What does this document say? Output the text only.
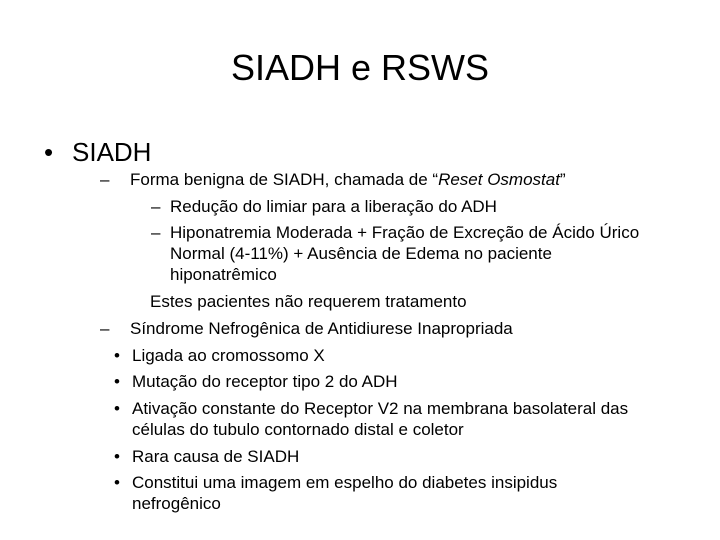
SIADH e RSWS
• SIADH
– Forma benigna de SIADH, chamada de “Reset Osmostat”
– Redução do limiar para a liberação do ADH
– Hiponatremia Moderada + Fração de Excreção de Ácido Úrico
Normal (4-11%) + Ausência de Edema no paciente
hiponatrêmico
Estes pacientes não requerem tratamento
– Síndrome Nefrogênica de Antidiurese Inapropriada
• Ligada ao cromossomo X
• Mutação do receptor tipo 2 do ADH
• Ativação constante do Receptor V2 na membrana basolateral das
células do tubulo contornado distal e coletor
• Rara causa de SIADH
• Constitui uma imagem em espelho do diabetes insipidus
nefrogênico
